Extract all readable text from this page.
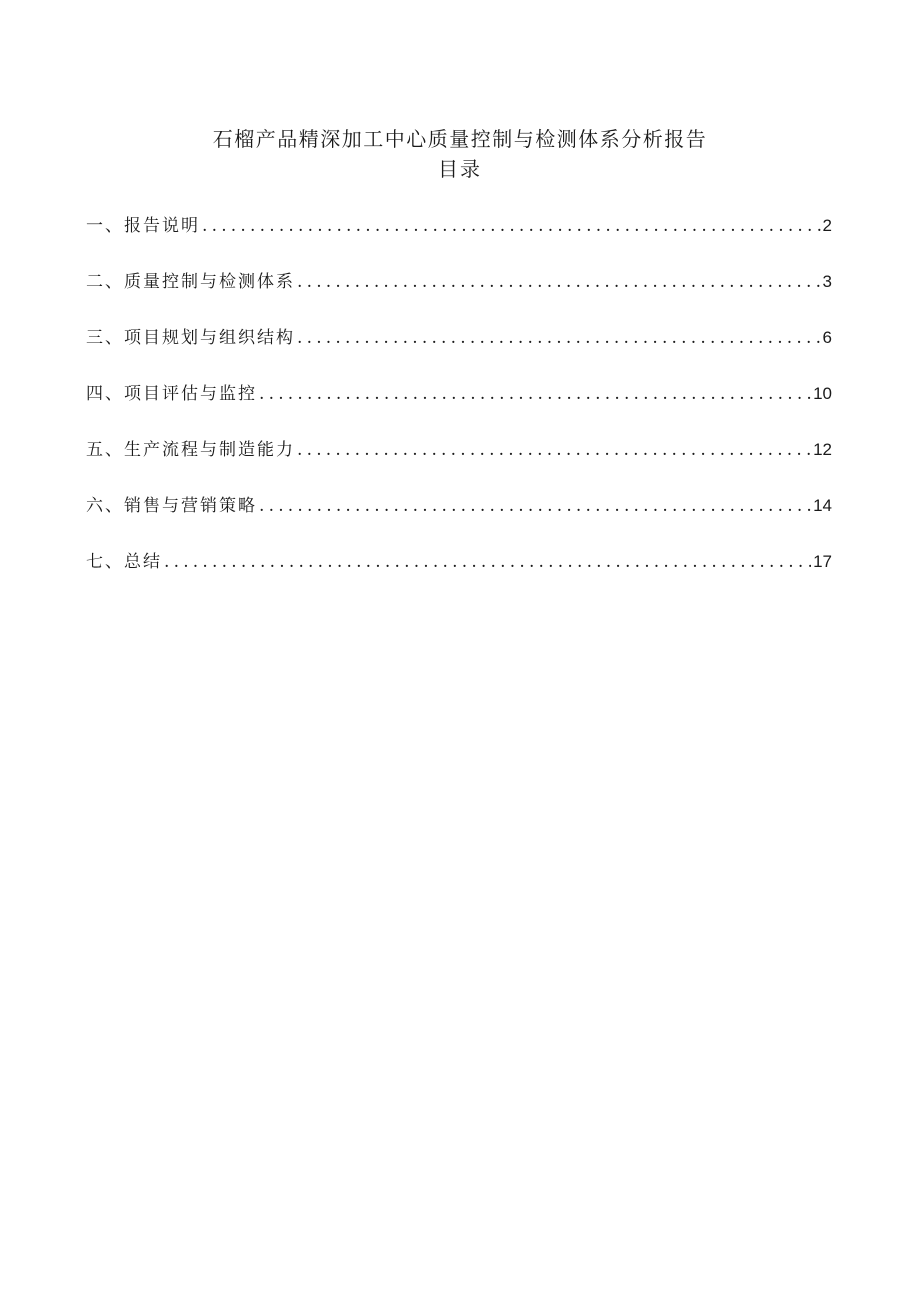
石榴产品精深加工中心质量控制与检测体系分析报告
目录
一、报告说明 .....	2
二、质量控制与检测体系 .....	3
三、项目规划与组织结构 .....	6
四、项目评估与监控 .....	10
五、生产流程与制造能力 .....	12
六、销售与营销策略 .....	14
七、总结 .....	17
